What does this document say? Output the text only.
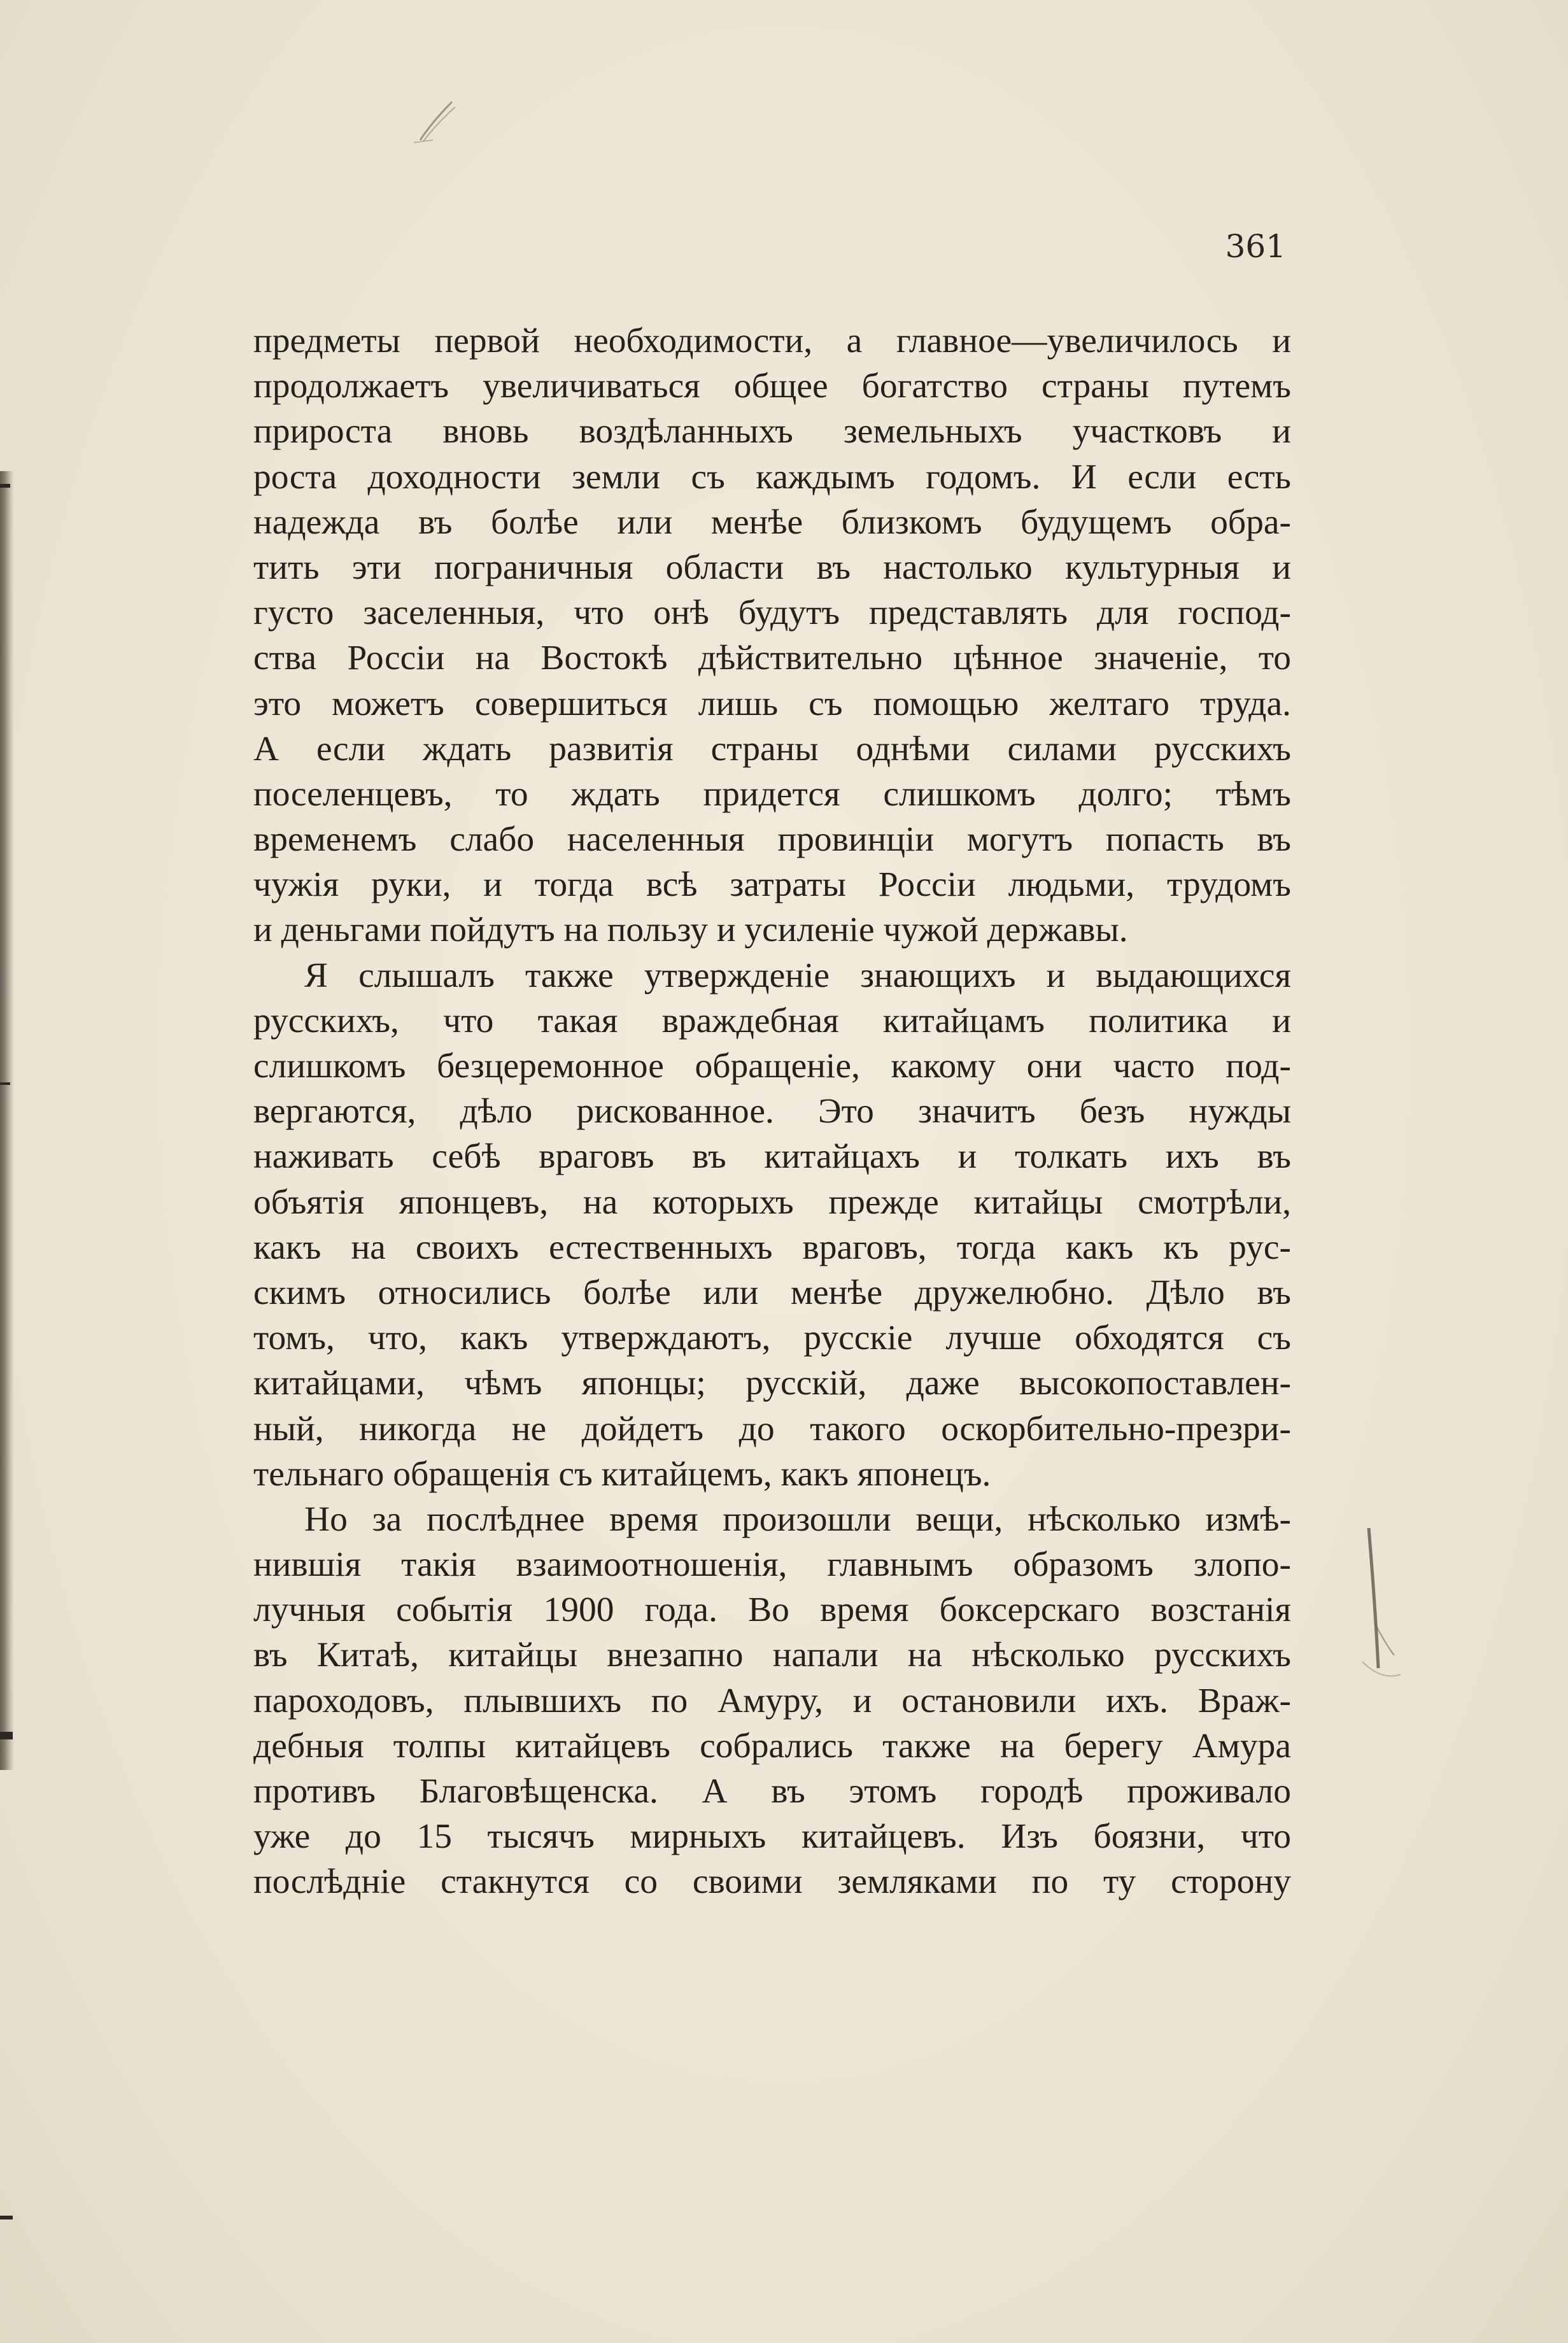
361
предметы первой необходимости, а главное—увеличилось и
продолжаетъ увеличиваться общее богатство страны путемъ
прироста вновь воздѣланныхъ земельныхъ участковъ и
роста доходности земли съ каждымъ годомъ. И если есть
надежда въ болѣе или менѣе близкомъ будущемъ обра-
тить эти пограничныя области въ настолько культурныя и
густо заселенныя, что онѣ будутъ представлять для господ-
ства Россіи на Востокѣ дѣйствительно цѣнное значеніе, то
это можетъ совершиться лишь съ помощью желтаго труда.
А если ждать развитія страны однѣми силами русскихъ
поселенцевъ, то ждать придется слишкомъ долго; тѣмъ
временемъ слабо населенныя провинціи могутъ попасть въ
чужія руки, и тогда всѣ затраты Россіи людьми, трудомъ
и деньгами пойдутъ на пользу и усиленіе чужой державы.
Я слышалъ также утвержденіе знающихъ и выдающихся
русскихъ, что такая враждебная китайцамъ политика и
слишкомъ безцеремонное обращеніе, какому они часто под-
вергаются, дѣло рискованное. Это значитъ безъ нужды
наживать себѣ враговъ въ китайцахъ и толкать ихъ въ
объятія японцевъ, на которыхъ прежде китайцы смотрѣли,
какъ на своихъ естественныхъ враговъ, тогда какъ къ рус-
скимъ относились болѣе или менѣе дружелюбно. Дѣло въ
томъ, что, какъ утверждаютъ, русскіе лучше обходятся съ
китайцами, чѣмъ японцы; русскій, даже высокопоставлен-
ный, никогда не дойдетъ до такого оскорбительно-презри-
тельнаго обращенія съ китайцемъ, какъ японецъ.
Но за послѣднее время произошли вещи, нѣсколько измѣ-
нившія такія взаимоотношенія, главнымъ образомъ злопо-
лучныя событія 1900 года. Во время боксерскаго возстанія
въ Китаѣ, китайцы внезапно напали на нѣсколько русскихъ
пароходовъ, плывшихъ по Амуру, и остановили ихъ. Враж-
дебныя толпы китайцевъ собрались также на берегу Амура
противъ Благовѣщенска. А въ этомъ городѣ проживало
уже до 15 тысячъ мирныхъ китайцевъ. Изъ боязни, что
послѣдніе стакнутся со своими земляками по ту сторону
